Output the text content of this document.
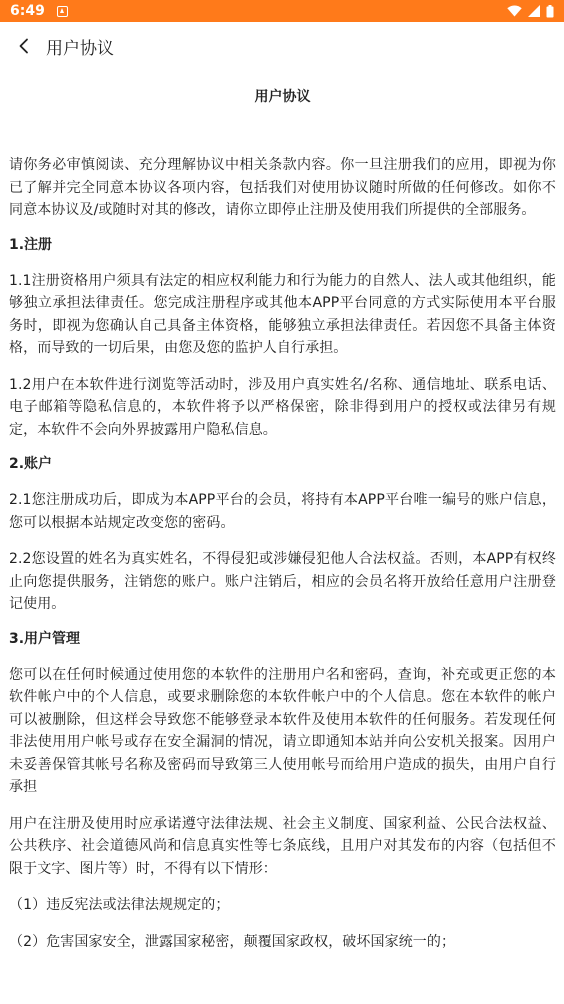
6:49
用户协议
用户协议

请你务必审慎阅读、充分理解协议中相关条款内容。你一旦注册我们的应用，即视为你已了解并完全同意本协议各项内容，包括我们对使用协议随时所做的任何修改。如你不同意本协议及/或随时对其的修改，请你立即停止注册及使用我们所提供的全部服务。

1.注册

1.1注册资格用户须具有法定的相应权利能力和行为能力的自然人、法人或其他组织，能够独立承担法律责任。您完成注册程序或其他本APP平台同意的方式实际使用本平台服务时，即视为您确认自己具备主体资格，能够独立承担法律责任。若因您不具备主体资格，而导致的一切后果，由您及您的监护人自行承担。

1.2用户在本软件进行浏览等活动时，涉及用户真实姓名/名称、通信地址、联系电话、电子邮箱等隐私信息的，本软件将予以严格保密，除非得到用户的授权或法律另有规定，本软件不会向外界披露用户隐私信息。

2.账户

2.1您注册成功后，即成为本APP平台的会员，将持有本APP平台唯一编号的账户信息，您可以根据本站规定改变您的密码。

2.2您设置的姓名为真实姓名，不得侵犯或涉嫌侵犯他人合法权益。否则，本APP有权终止向您提供服务，注销您的账户。账户注销后，相应的会员名将开放给任意用户注册登记使用。

3.用户管理

您可以在任何时候通过使用您的本软件的注册用户名和密码，查询，补充或更正您的本软件帐户中的个人信息，或要求删除您的本软件帐户中的个人信息。您在本软件的帐户可以被删除，但这样会导致您不能够登录本软件及使用本软件的任何服务。若发现任何非法使用用户帐号或存在安全漏洞的情况，请立即通知本站并向公安机关报案。因用户未妥善保管其帐号名称及密码而导致第三人使用帐号而给用户造成的损失，由用户自行承担

用户在注册及使用时应承诺遵守法律法规、社会主义制度、国家利益、公民合法权益、公共秩序、社会道德风尚和信息真实性等七条底线，且用户对其发布的内容（包括但不限于文字、图片等）时，不得有以下情形：

（1）违反宪法或法律法规规定的；

（2）危害国家安全，泄露国家秘密，颠覆国家政权，破坏国家统一的；
